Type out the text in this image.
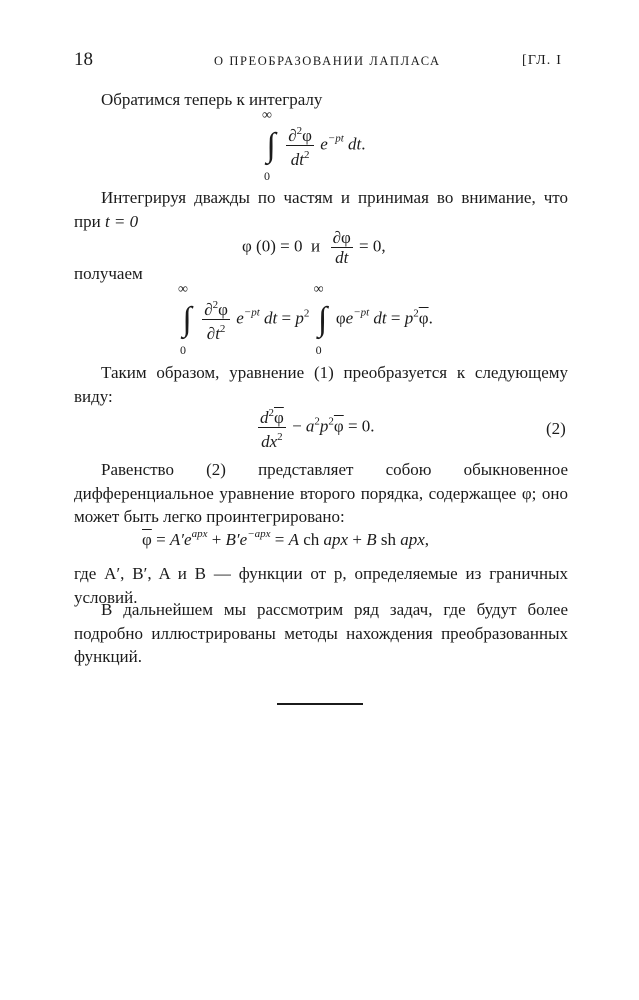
18	О ПРЕОБРАЗОВАНИИ ЛАПЛАСА	[ГЛ. I
Обратимся теперь к интегралу
∞
∫
0

$\frac{\partial^2\varphi}{dt^2} e^{-pt}$ dt.
Интегрируя дважды по частям и принимая во внимание, что при t = 0
φ (0) = 0  и $\frac{\partial\varphi}{dt} = 0$,
получаем
∞
∫
0

$\frac{\partial^2\varphi}{\partial t^2} e^{-pt}$ dt = $p^2$
∞
∫
0
$\varphi e^{-pt}$ dt = $p^2\overline{\varphi}$.
Таким образом, уравнение (1) преобразуется к следующему виду:
$\frac{d^2\overline{\varphi}}{dx^2} - a^2p^2\overline{\varphi} = 0$.	(2)
Равенство (2) представляет собою обыкновенное дифференциальное уравнение второго порядка, содержащее φ; оно может быть легко проинтегрировано:
$\overline{\varphi} = A'e^{apx} + B'e^{-apx} = A$ ch apx + B sh apx,
где A′, B′, A и B — функции от p, определяемые из граничных условий.
В дальнейшем мы рассмотрим ряд задач, где будут более подробно иллюстрированы методы нахождения преобразованных функций.
